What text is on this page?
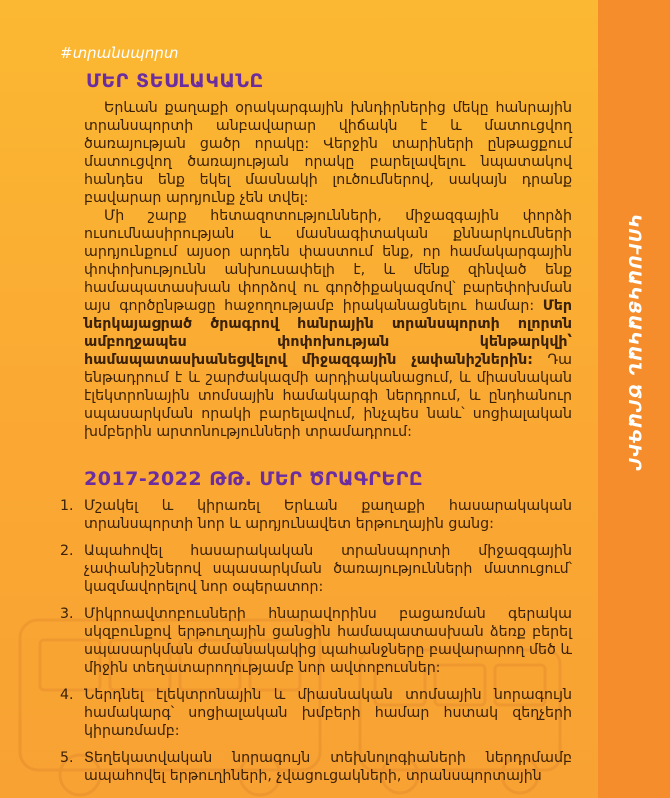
#տրանսպորտ
ՄԵՐ ՏԵՍԼԱԿԱՆԸ

Երևան քաղաքի օրակարգային խնդիրներից մեկը հանրային տրանսպորտի անբավարար վիճակն է և մատուցվող ծառայության ցածր որակը: Վերջին տարիների ընթացքում մատուցվող ծառայության որակը բարելավելու նպատակով հանդես ենք եկել մասնակի լուծումներով, սակայն դրանք բավարար արդյունք չեն տվել:

Մի շարք հետազոտությունների, միջազգային փորձի ուսումնասիրության և մասնագիտական քննարկումների արդյունքում այսօր արդեն փաստում ենք, որ համակարգային փոփոխությունն անխուսափելի է, և մենք զինված ենք համապատասխան փորձով ու գործիքակազմով՝ բարեփոխման այս գործընթացը հաջողությամբ իրականացնելու համար: Մեր ներկայացրած ծրագրով հանրային տրանսպորտի ոլորտն ամբողջապես փոփոխության կենթարկվի՝ համապատասխանեցվելով միջազգային չափանիշներին: Դա ենթադրում է և շարժակազմի արդիականացում, և միասնական էլեկտրոնային տոմսային համակարգի ներդրում, և ընդհանուր սպասարկման որակի բարելավում, ինչպես նաև՝ սոցիալական խմբերին արտոնությունների տրամադրում:

2017-2022 ԹԹ. ՄԵՐ ԾՐԱԳՐԵՐԸ
1. Մշակել և կիրառել Երևան քաղաքի հասարակական տրանսպորտի նոր և արդյունավետ երթուղային ցանց:
2. Ապահովել հասարակական տրանսպորտի միջազգային չափանիշներով սպասարկման ծառայությունների մատուցում՝ կազմավորելով նոր օպերատոր:
3. Միկրոավտոբուսների հնարավորինս բացառման գերակա սկզբունքով երթուղային ցանցին համապատասխան ձեռք բերել սպասարկման ժամանակակից պահանջները բավարարող մեծ և միջին տեղատարողությամբ նոր ավտոբուսներ:
4. Ներդնել էլեկտրոնային և միասնական տոմսային նորագույն համակարգ՝ սոցիալական խմբերի համար հստակ զեղչերի կիրառմամբ:
5. Տեղեկատվական նորագույն տեխնոլոգիաների ներդրմամբ ապահովել երթուղիների, չվացուցակների, տրանսպորտային
ԿՈՒՍԱԿՑԱԿԱՆ ԾՐԱԳԻՐ
